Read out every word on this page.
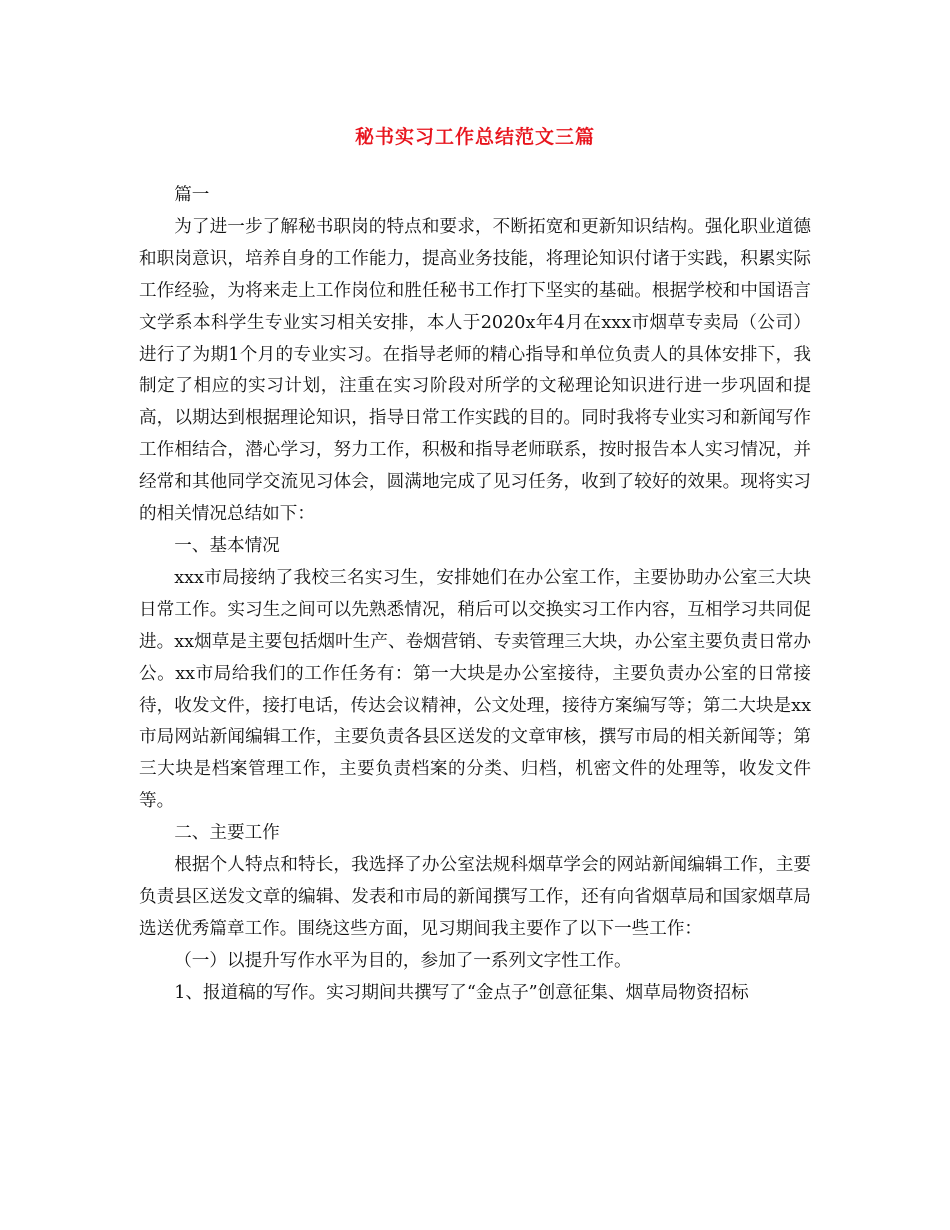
秘书实习工作总结范文三篇

篇一

为了进一步了解秘书职岗的特点和要求，不断拓宽和更新知识结构。强化职业道德和职岗意识，培养自身的工作能力，提高业务技能，将理论知识付诸于实践，积累实际工作经验，为将来走上工作岗位和胜任秘书工作打下坚实的基础。根据学校和中国语言文学系本科学生专业实习相关安排，本人于2020x年4月在xxx市烟草专卖局（公司）进行了为期1个月的专业实习。在指导老师的精心指导和单位负责人的具体安排下，我制定了相应的实习计划，注重在实习阶段对所学的文秘理论知识进行进一步巩固和提高，以期达到根据理论知识，指导日常工作实践的目的。同时我将专业实习和新闻写作工作相结合，潜心学习，努力工作，积极和指导老师联系，按时报告本人实习情况，并经常和其他同学交流见习体会，圆满地完成了见习任务，收到了较好的效果。现将实习的相关情况总结如下：

一、基本情况

xxx市局接纳了我校三名实习生，安排她们在办公室工作，主要协助办公室三大块日常工作。实习生之间可以先熟悉情况，稍后可以交换实习工作内容，互相学习共同促进。xx烟草是主要包括烟叶生产、卷烟营销、专卖管理三大块，办公室主要负责日常办公。xx市局给我们的工作任务有：第一大块是办公室接待，主要负责办公室的日常接待，收发文件，接打电话，传达会议精神，公文处理，接待方案编写等；第二大块是xx市局网站新闻编辑工作，主要负责各县区送发的文章审核，撰写市局的相关新闻等；第三大块是档案管理工作，主要负责档案的分类、归档，机密文件的处理等，收发文件等。

二、主要工作

根据个人特点和特长，我选择了办公室法规科烟草学会的网站新闻编辑工作，主要负责县区送发文章的编辑、发表和市局的新闻撰写工作，还有向省烟草局和国家烟草局选送优秀篇章工作。围绕这些方面，见习期间我主要作了以下一些工作：

（一）以提升写作水平为目的，参加了一系列文字性工作。

1、报道稿的写作。实习期间共撰写了“金点子”创意征集、烟草局物资招标
